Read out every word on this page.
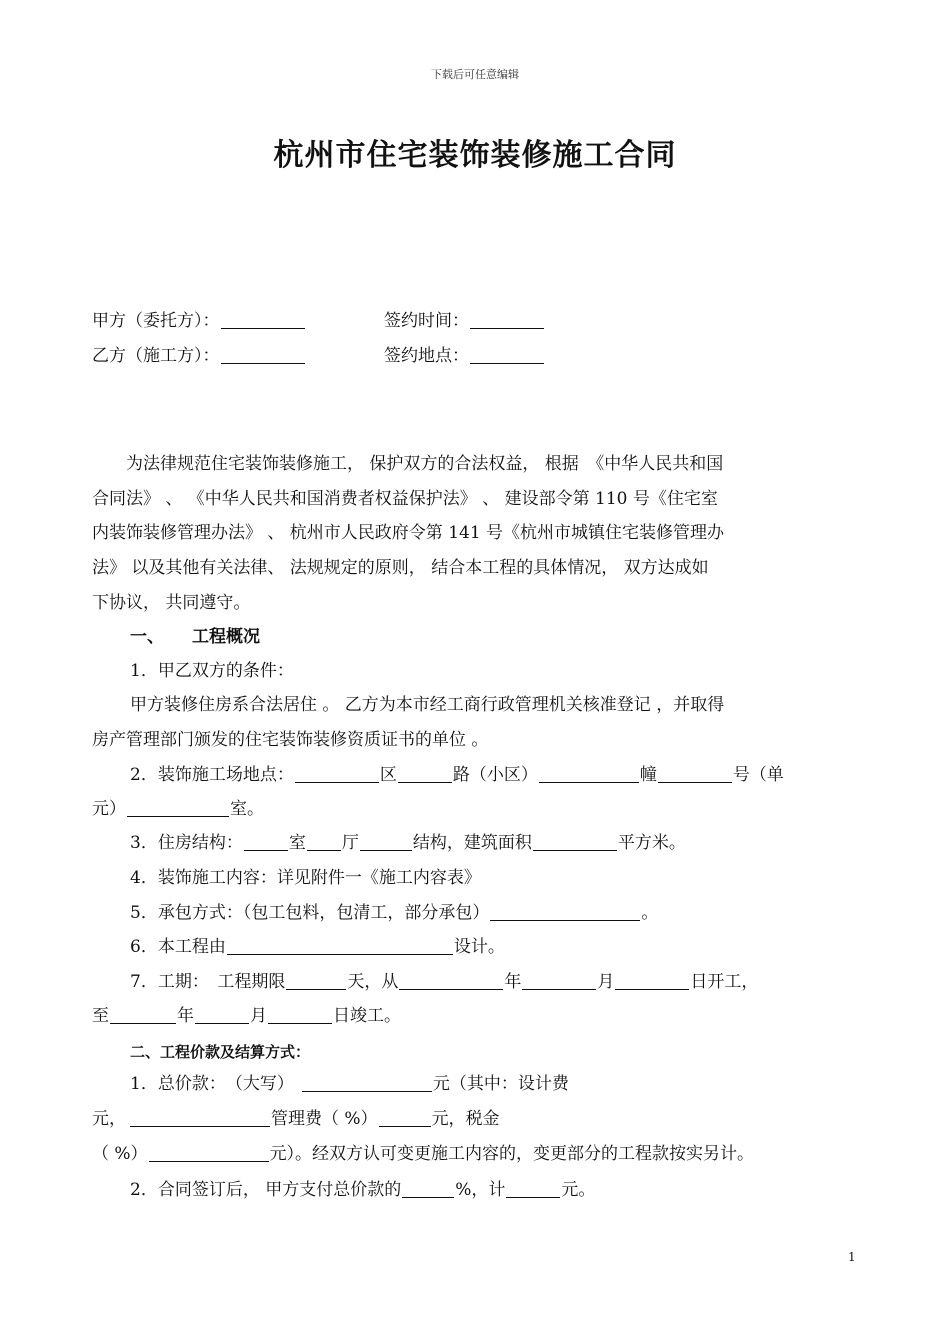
下载后可任意编辑
杭州市住宅装饰装修施工合同
甲方（委托方）：	签约时间：
乙方（施工方）：	签约地点：
为法律规范住宅装饰装修施工， 保护双方的合法权益， 根据　《中华人民共和国
合同法》 、 《中华人民共和国消费者权益保护法》 、 建设部令第 110 号《住宅室
内装饰装修管理办法》 、 杭州市人民政府令第 141 号《杭州市城镇住宅装修管理办
法》 以及其他有关法律、 法规规定的原则， 结合本工程的具体情况， 双方达成如
下协议， 共同遵守。
一、 工程概况
1．甲乙双方的条件：
甲方装修住房系合法居住 。 乙方为本市经工商行政管理机关核准登记 ，并取得
房产管理部门颁发的住宅装饰装修资质证书的单位 。
2．装饰施工场地点：	区	路（小区）	幢	号（单
元）	室。
3．住房结构：	室 厅	结构，建筑面积	平方米。
4．装饰施工内容：详见附件一《施工内容表》
5．承包方式：（包工包料，包清工，部分承包）	。
6．本工程由	设计。
7．工期：　工程期限	天，从	年	月	日开工，
至	年	月	日竣工。
二、工程价款及结算方式：
1．总价款：　（大写）	元（其中：设计费
元，	管理费（ %）	元，税金
（ %）	元）。经双方认可变更施工内容的，变更部分的工程款按实另计。
2．合同签订后， 甲方支付总价款的	%，计	元。
1
